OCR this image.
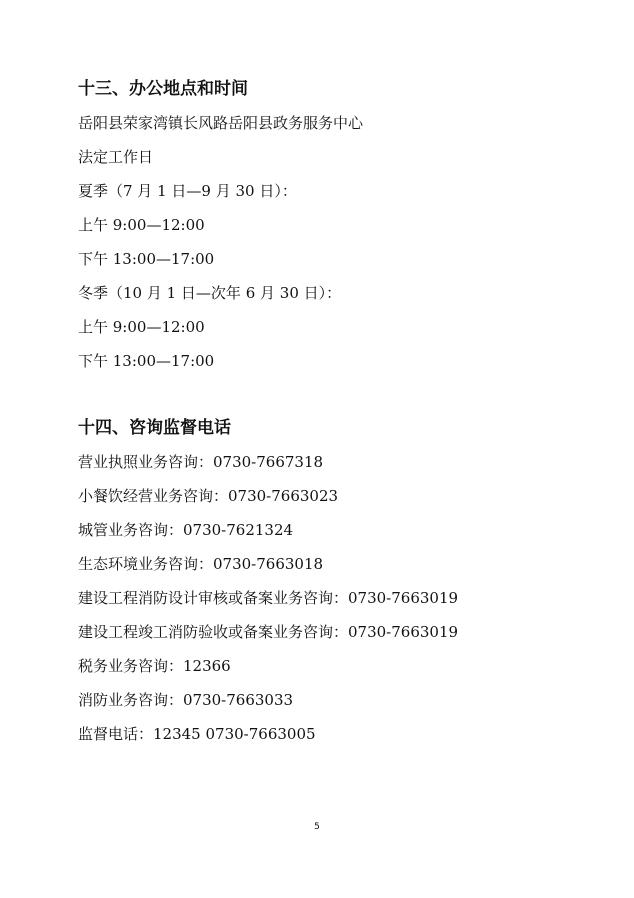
十三、办公地点和时间
岳阳县荣家湾镇长风路岳阳县政务服务中心
法定工作日
夏季（7 月 1 日—9 月 30 日）：
上午 9:00—12:00
下午 13:00—17:00
冬季（10 月 1 日—次年 6 月 30 日）：
上午 9:00—12:00
下午 13:00—17:00
十四、咨询监督电话
营业执照业务咨询：0730-7667318
小餐饮经营业务咨询：0730-7663023
城管业务咨询：0730-7621324
生态环境业务咨询：0730-7663018
建设工程消防设计审核或备案业务咨询：0730-7663019
建设工程竣工消防验收或备案业务咨询：0730-7663019
税务业务咨询：12366
消防业务咨询：0730-7663033
监督电话：12345 0730-7663005
5
